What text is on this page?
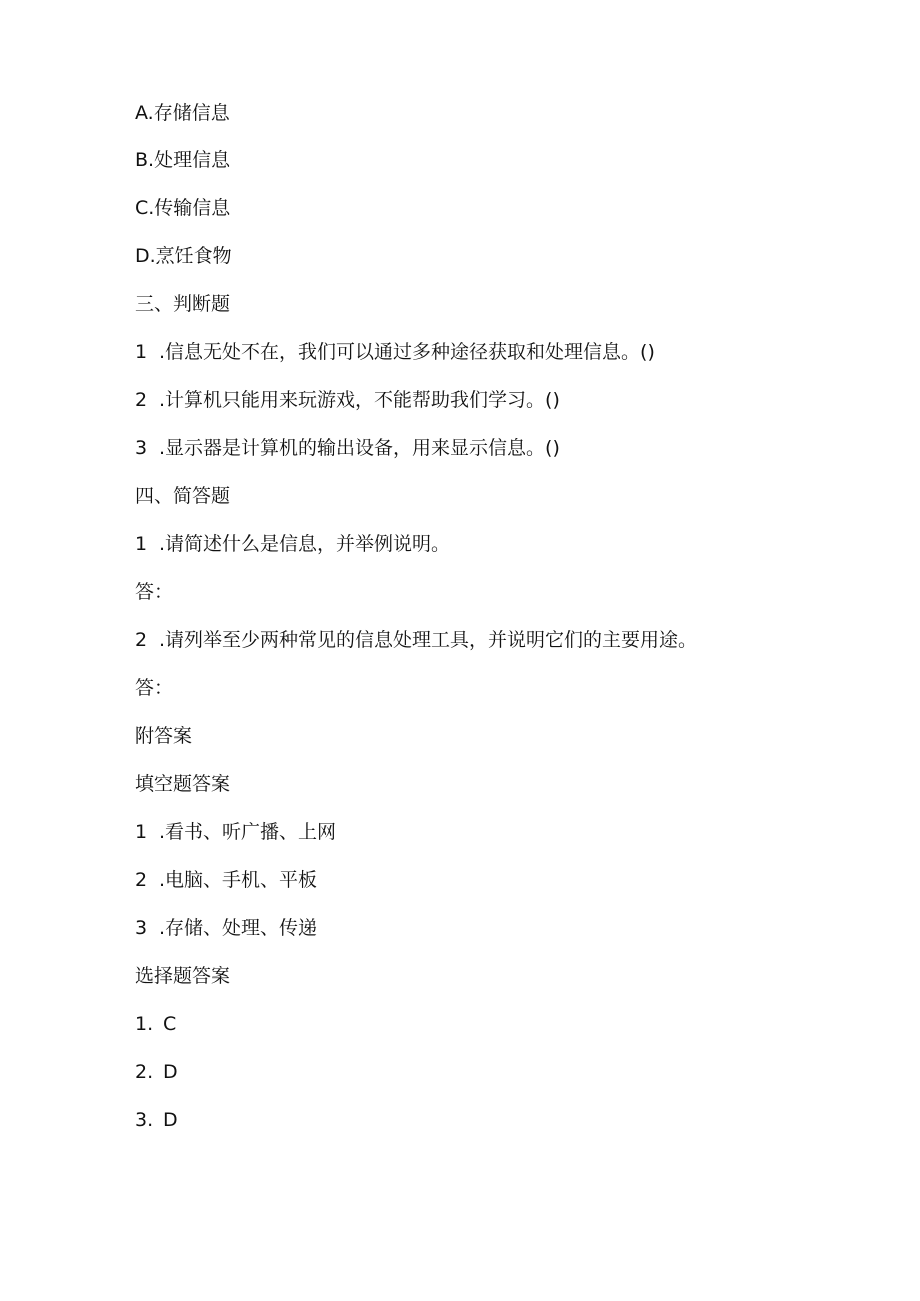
A.存储信息
B.处理信息
C.传输信息
D.烹饪食物
三、判断题
1 .信息无处不在，我们可以通过多种途径获取和处理信息。()
2 .计算机只能用来玩游戏，不能帮助我们学习。()
3 .显示器是计算机的输出设备，用来显示信息。()
四、简答题
1 .请简述什么是信息，并举例说明。
答：
2 .请列举至少两种常见的信息处理工具，并说明它们的主要用途。
答：
附答案
填空题答案
1 .看书、听广播、上网
2 .电脑、手机、平板
3 .存储、处理、传递
选择题答案
1. C
2. D
3. D
